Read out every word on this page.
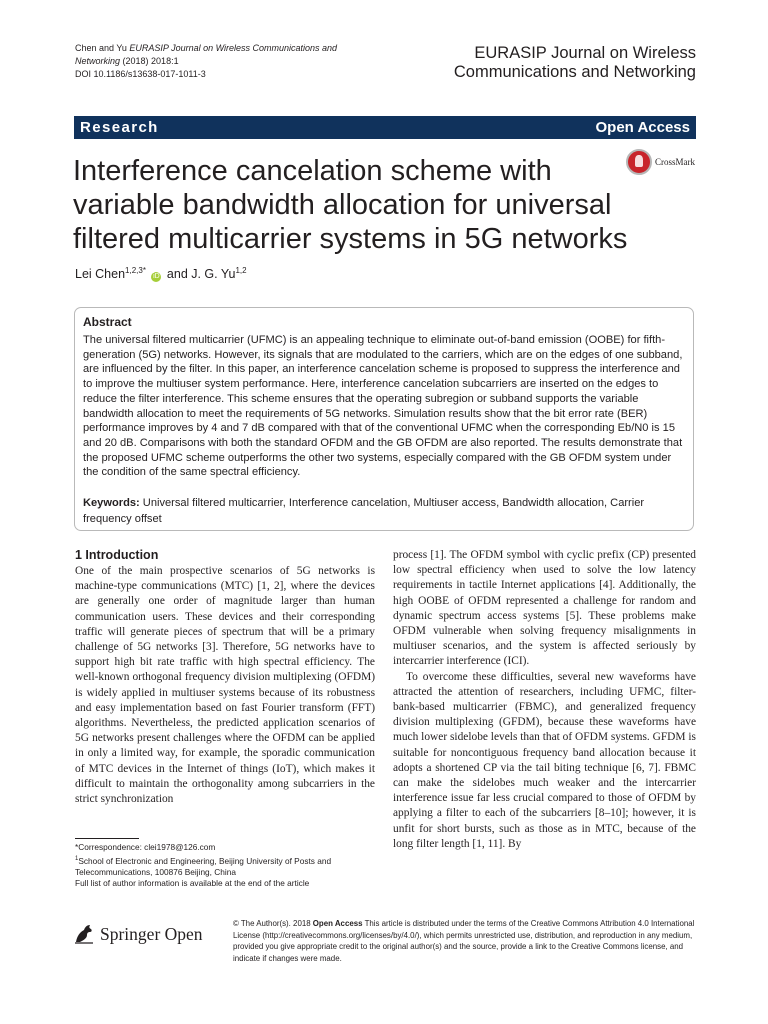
Chen and Yu EURASIP Journal on Wireless Communications and Networking (2018) 2018:1
DOI 10.1186/s13638-017-1011-3
EURASIP Journal on Wireless
Communications and Networking
Research	Open Access
CrossMark
Interference cancelation scheme with
variable bandwidth allocation for universal
filtered multicarrier systems in 5G networks
Lei Chen$^{1,2,3*}$ iD and J. G. Yu$^{1,2}$
Abstract
The universal filtered multicarrier (UFMC) is an appealing technique to eliminate out-of-band emission (OOBE) for fifth-generation (5G) networks. However, its signals that are modulated to the carriers, which are on the edges of one subband, are influenced by the filter. In this paper, an interference cancelation scheme is proposed to suppress the interference and to improve the multiuser system performance. Here, interference cancelation subcarriers are inserted on the edges to reduce the filter interference. This scheme ensures that the operating subregion or subband supports the variable bandwidth allocation to meet the requirements of 5G networks. Simulation results show that the bit error rate (BER) performance improves by 4 and 7 dB compared with that of the conventional UFMC when the corresponding Eb/N0 is 15 and 20 dB. Comparisons with both the standard OFDM and the GB OFDM are also reported. The results demonstrate that the proposed UFMC scheme outperforms the other two systems, especially compared with the GB OFDM system under the condition of the same spectral efficiency.
Keywords: Universal filtered multicarrier, Interference cancelation, Multiuser access, Bandwidth allocation, Carrier frequency offset
1 Introduction

One of the main prospective scenarios of 5G networks is machine-type communications (MTC) [1, 2], where the devices are generally one order of magnitude larger than human communication users. These devices and their corresponding traffic will generate pieces of spectrum that will be a primary challenge of 5G networks [3]. Therefore, 5G networks have to support high bit rate traffic with high spectral efficiency. The well-known orthogonal frequency division multiplexing (OFDM) is widely applied in multiuser systems because of its robustness and easy implementation based on fast Fourier transform (FFT) algorithms. Nevertheless, the predicted application scenarios of 5G networks present challenges where the OFDM can be applied in only a limited way, for example, the sporadic communication of MTC devices in the Internet of things (IoT), which makes it difficult to maintain the orthogonality among subcarriers in the strict synchronization

process [1]. The OFDM symbol with cyclic prefix (CP) presented low spectral efficiency when used to solve the low latency requirements in tactile Internet applications [4]. Additionally, the high OOBE of OFDM represented a challenge for random and dynamic spectrum access systems [5]. These problems make OFDM vulnerable when solving frequency misalignments in multiuser scenarios, and the system is affected seriously by intercarrier interference (ICI).

To overcome these difficulties, several new waveforms have attracted the attention of researchers, including UFMC, filter-bank-based multicarrier (FBMC), and generalized frequency division multiplexing (GFDM), because these waveforms have much lower sidelobe levels than that of OFDM systems. GFDM is suitable for noncontiguous frequency band allocation because it adopts a shortened CP via the tail biting technique [6, 7]. FBMC can make the sidelobes much weaker and the intercarrier interference issue far less crucial compared to those of OFDM by applying a filter to each of the subcarriers [8–10]; however, it is unfit for short bursts, such as those as in MTC, because of the long filter length [1, 11]. By

*Correspondence: clei1978@126.com
$^1$School of Electronic and Engineering, Beijing University of Posts and Telecommunications, 100876 Beijing, China
Full list of author information is available at the end of the article
Springer Open
© The Author(s). 2018 Open Access This article is distributed under the terms of the Creative Commons Attribution 4.0 International License (http://creativecommons.org/licenses/by/4.0/), which permits unrestricted use, distribution, and reproduction in any medium, provided you give appropriate credit to the original author(s) and the source, provide a link to the Creative Commons license, and indicate if changes were made.
